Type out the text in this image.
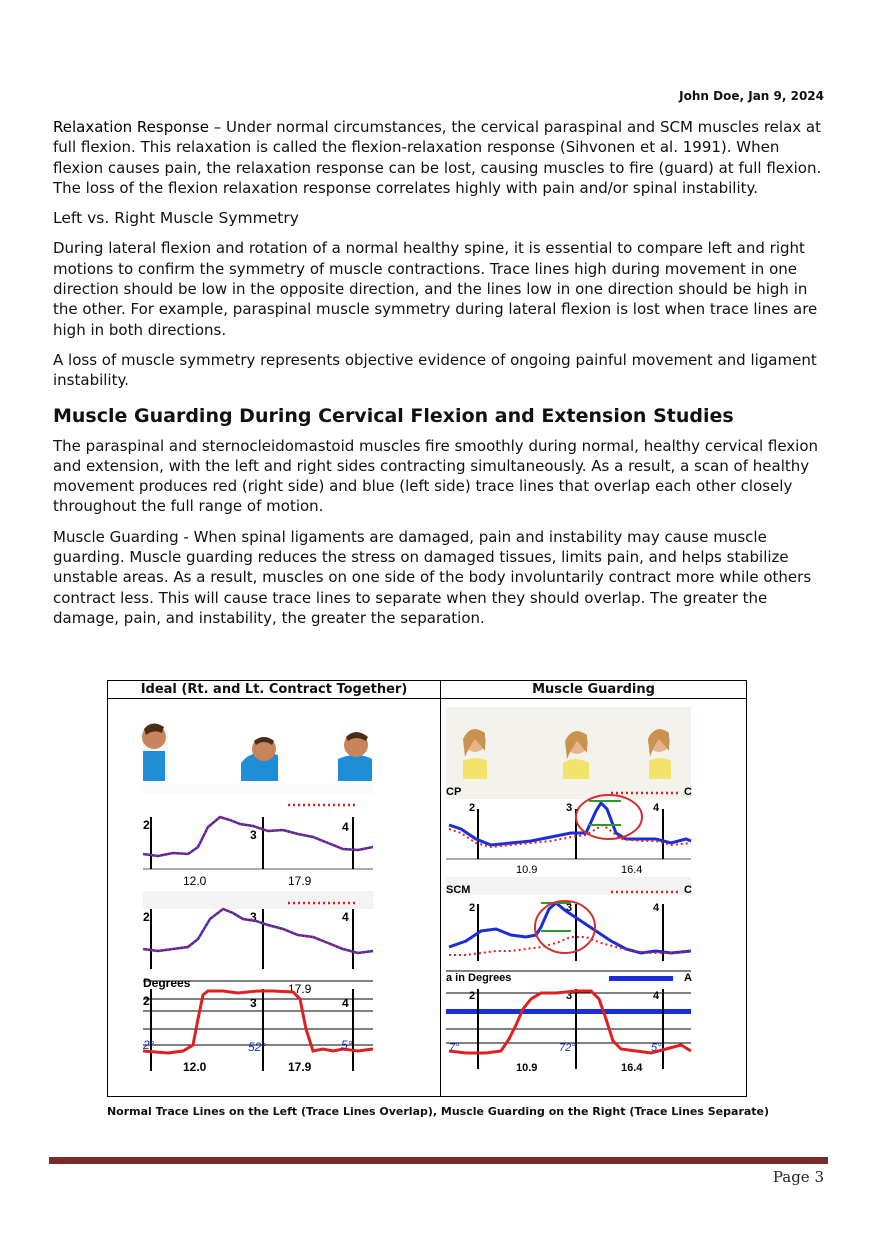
John Doe, Jan 9, 2024

Relaxation Response – Under normal circumstances, the cervical paraspinal and SCM muscles relax at full flexion. This relaxation is called the flexion-relaxation response (Sihvonen et al. 1991). When flexion causes pain, the relaxation response can be lost, causing muscles to fire (guard) at full flexion. The loss of the flexion relaxation response correlates highly with pain and/or spinal instability.

Left vs. Right Muscle Symmetry

During lateral flexion and rotation of a normal healthy spine, it is essential to compare left and right motions to confirm the symmetry of muscle contractions. Trace lines high during movement in one direction should be low in the opposite direction, and the lines low in one direction should be high in the other. For example, paraspinal muscle symmetry during lateral flexion is lost when trace lines are high in both directions.

A loss of muscle symmetry represents objective evidence of ongoing painful movement and ligament instability.

Muscle Guarding During Cervical Flexion and Extension Studies

The paraspinal and sternocleidomastoid muscles fire smoothly during normal, healthy cervical flexion and extension, with the left and right sides contracting simultaneously. As a result, a scan of healthy movement produces red (right side) and blue (left side) trace lines that overlap each other closely throughout the full range of motion.

Muscle Guarding - When spinal ligaments are damaged, pain and instability may cause muscle guarding. Muscle guarding reduces the stress on damaged tissues, limits pain, and helps stabilize unstable areas. As a result, muscles on one side of the body involuntarily contract more while others contract less. This will cause trace lines to separate when they should overlap. The greater the damage, pain, and instability, the greater the separation.

Ideal (Rt. and Lt. Contract Together)
2
3
4
12.0	17.9
2	3	4
Degrees	17.9
2	3	4
2°	52°	5°
12.0	17.9
Muscle Guarding
CP	C
2	3	4
10.9	16.4
SCM	C
2	3	4
a in Degrees	A
2	3	4
7°	72°	5°
10.9	16.4
Normal Trace Lines on the Left (Trace Lines Overlap), Muscle Guarding on the Right (Trace Lines Separate)
Page 3
